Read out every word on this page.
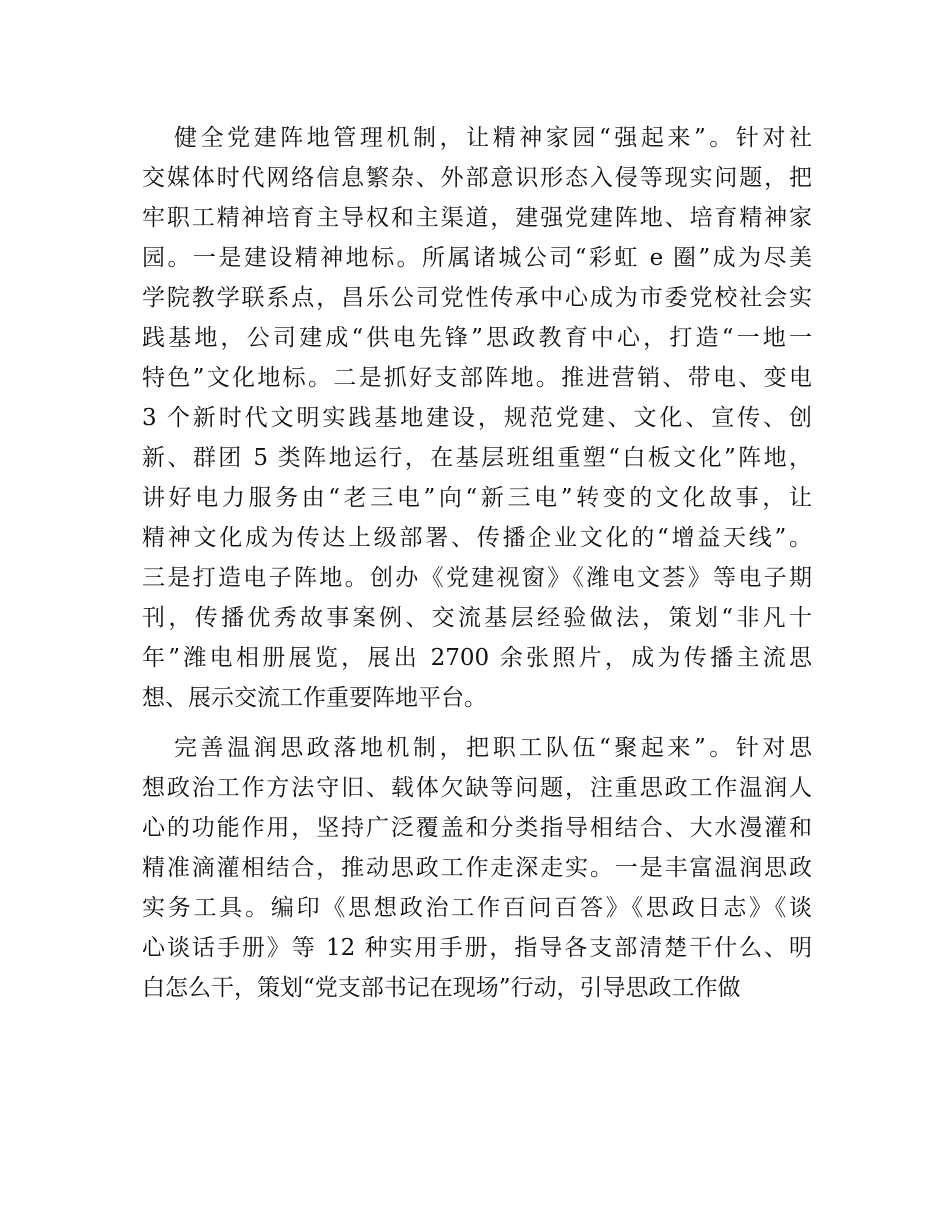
健全党建阵地管理机制，让精神家园“强起来”。针对社
交媒体时代网络信息繁杂、外部意识形态入侵等现实问题，把
牢职工精神培育主导权和主渠道，建强党建阵地、培育精神家
园。一是建设精神地标。所属诸城公司“彩虹 e 圈”成为尽美
学院教学联系点，昌乐公司党性传承中心成为市委党校社会实
践基地，公司建成“供电先锋”思政教育中心，打造“一地一
特色”文化地标。二是抓好支部阵地。推进营销、带电、变电
3 个新时代文明实践基地建设，规范党建、文化、宣传、创
新、群团 5 类阵地运行，在基层班组重塑“白板文化”阵地，
讲好电力服务由“老三电”向“新三电”转变的文化故事，让
精神文化成为传达上级部署、传播企业文化的“增益天线”。
三是打造电子阵地。创办《党建视窗》《潍电文荟》等电子期
刊，传播优秀故事案例、交流基层经验做法，策划“非凡十
年”潍电相册展览，展出 2700 余张照片，成为传播主流思
想、展示交流工作重要阵地平台。
完善温润思政落地机制，把职工队伍“聚起来”。针对思
想政治工作方法守旧、载体欠缺等问题，注重思政工作温润人
心的功能作用，坚持广泛覆盖和分类指导相结合、大水漫灌和
精准滴灌相结合，推动思政工作走深走实。一是丰富温润思政
实务工具。编印《思想政治工作百问百答》《思政日志》《谈
心谈话手册》等 12 种实用手册，指导各支部清楚干什么、明
白怎么干，策划“党支部书记在现场”行动，引导思政工作做
